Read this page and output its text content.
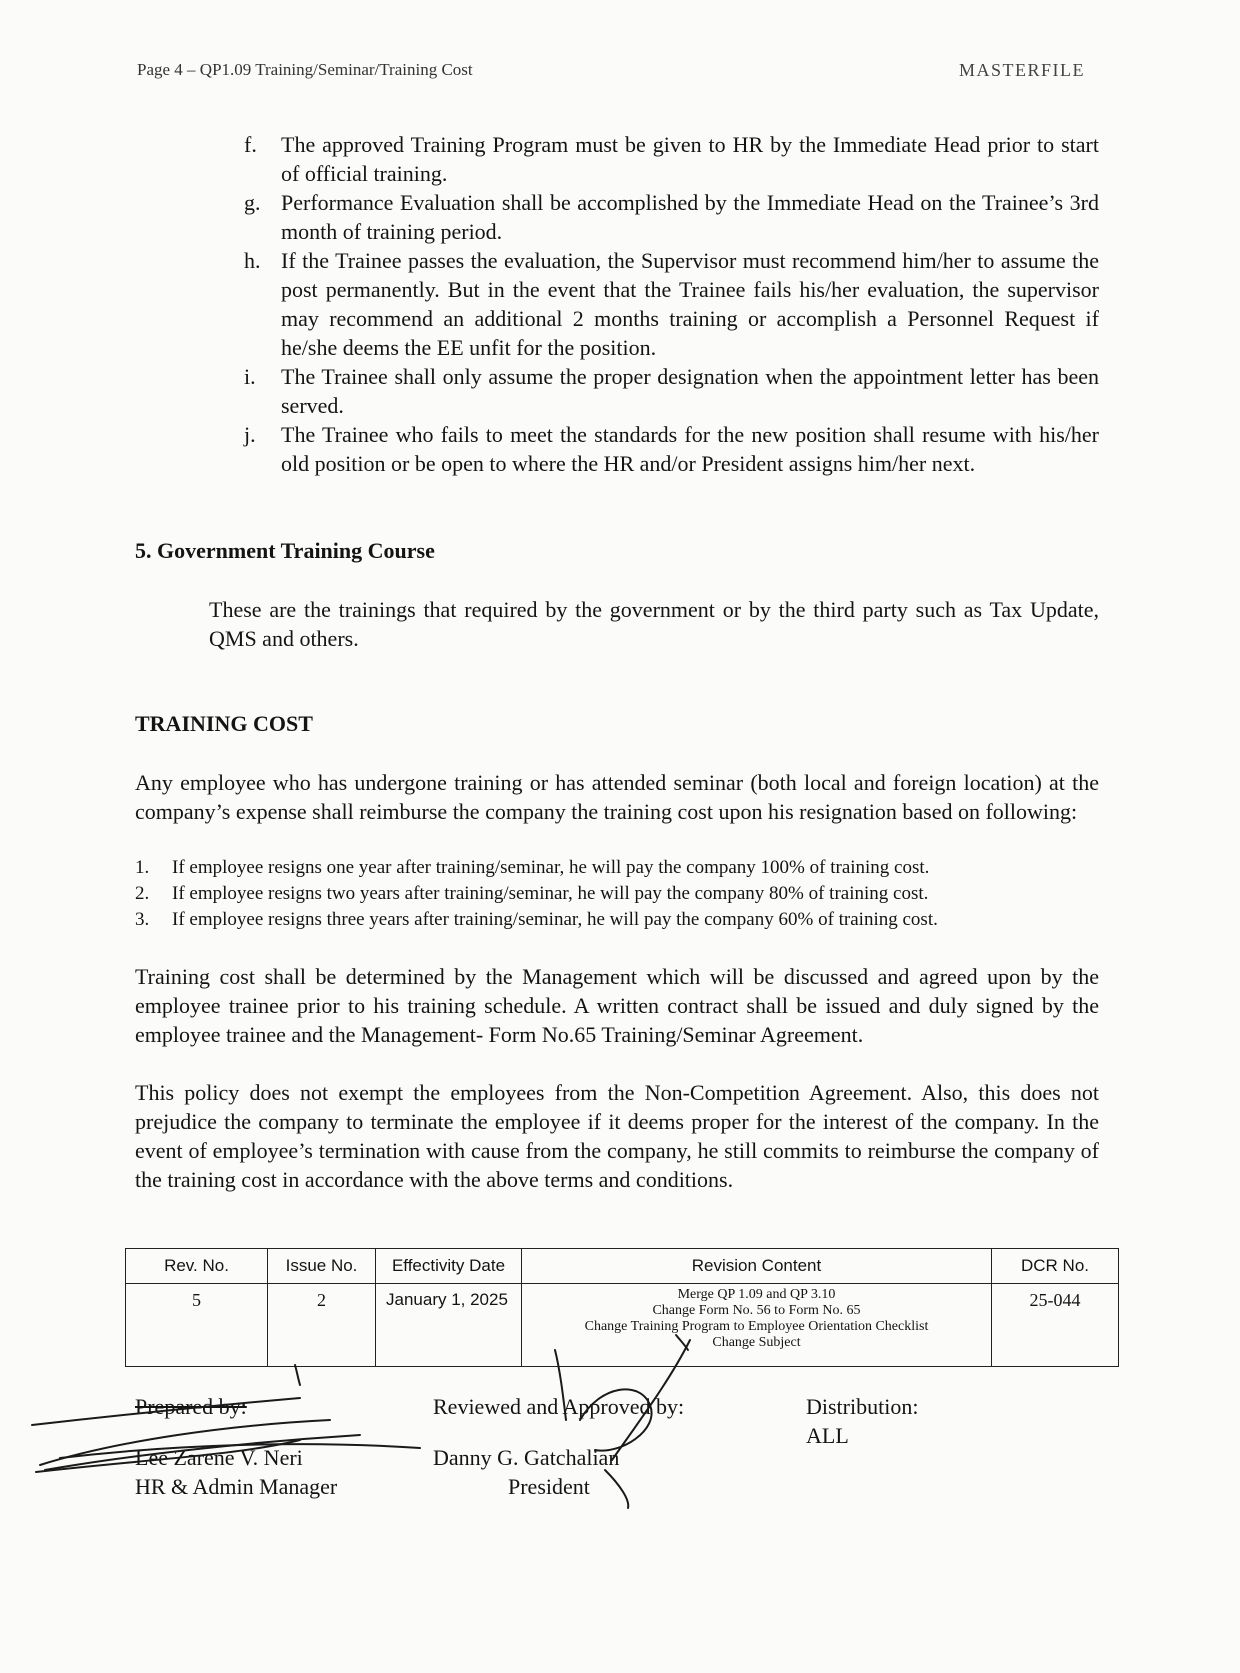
Page 4 – QP1.09 Training/Seminar/Training Cost	MASTERFILE
f. The approved Training Program must be given to HR by the Immediate Head prior to start of official training.
g. Performance Evaluation shall be accomplished by the Immediate Head on the Trainee’s 3rd month of training period.
h. If the Trainee passes the evaluation, the Supervisor must recommend him/her to assume the post permanently. But in the event that the Trainee fails his/her evaluation, the supervisor may recommend an additional 2 months training or accomplish a Personnel Request if he/she deems the EE unfit for the position.
i. The Trainee shall only assume the proper designation when the appointment letter has been served.
j. The Trainee who fails to meet the standards for the new position shall resume with his/her old position or be open to where the HR and/or President assigns him/her next.
5. Government Training Course
These are the trainings that required by the government or by the third party such as Tax Update, QMS and others.
TRAINING COST
Any employee who has undergone training or has attended seminar (both local and foreign location) at the company’s expense shall reimburse the company the training cost upon his resignation based on following:
1. If employee resigns one year after training/seminar, he will pay the company 100% of training cost.
2. If employee resigns two years after training/seminar, he will pay the company 80% of training cost.
3. If employee resigns three years after training/seminar, he will pay the company 60% of training cost.
Training cost shall be determined by the Management which will be discussed and agreed upon by the employee trainee prior to his training schedule. A written contract shall be issued and duly signed by the employee trainee and the Management- Form No.65 Training/Seminar Agreement.
This policy does not exempt the employees from the Non-Competition Agreement. Also, this does not prejudice the company to terminate the employee if it deems proper for the interest of the company. In the event of employee’s termination with cause from the company, he still commits to reimburse the company of the training cost in accordance with the above terms and conditions.
Rev. No.	Issue No.	Effectivity Date	Revision Content	DCR No.
5	2	January 1, 2025	Merge QP 1.09 and QP 3.10
Change Form No. 56 to Form No. 65
Change Training Program to Employee Orientation Checklist
Change Subject	25-044
Prepared by:
Lee Zarene V. Neri
HR & Admin Manager
Reviewed and Approved by:
Danny G. Gatchalian
President
Distribution:
ALL
